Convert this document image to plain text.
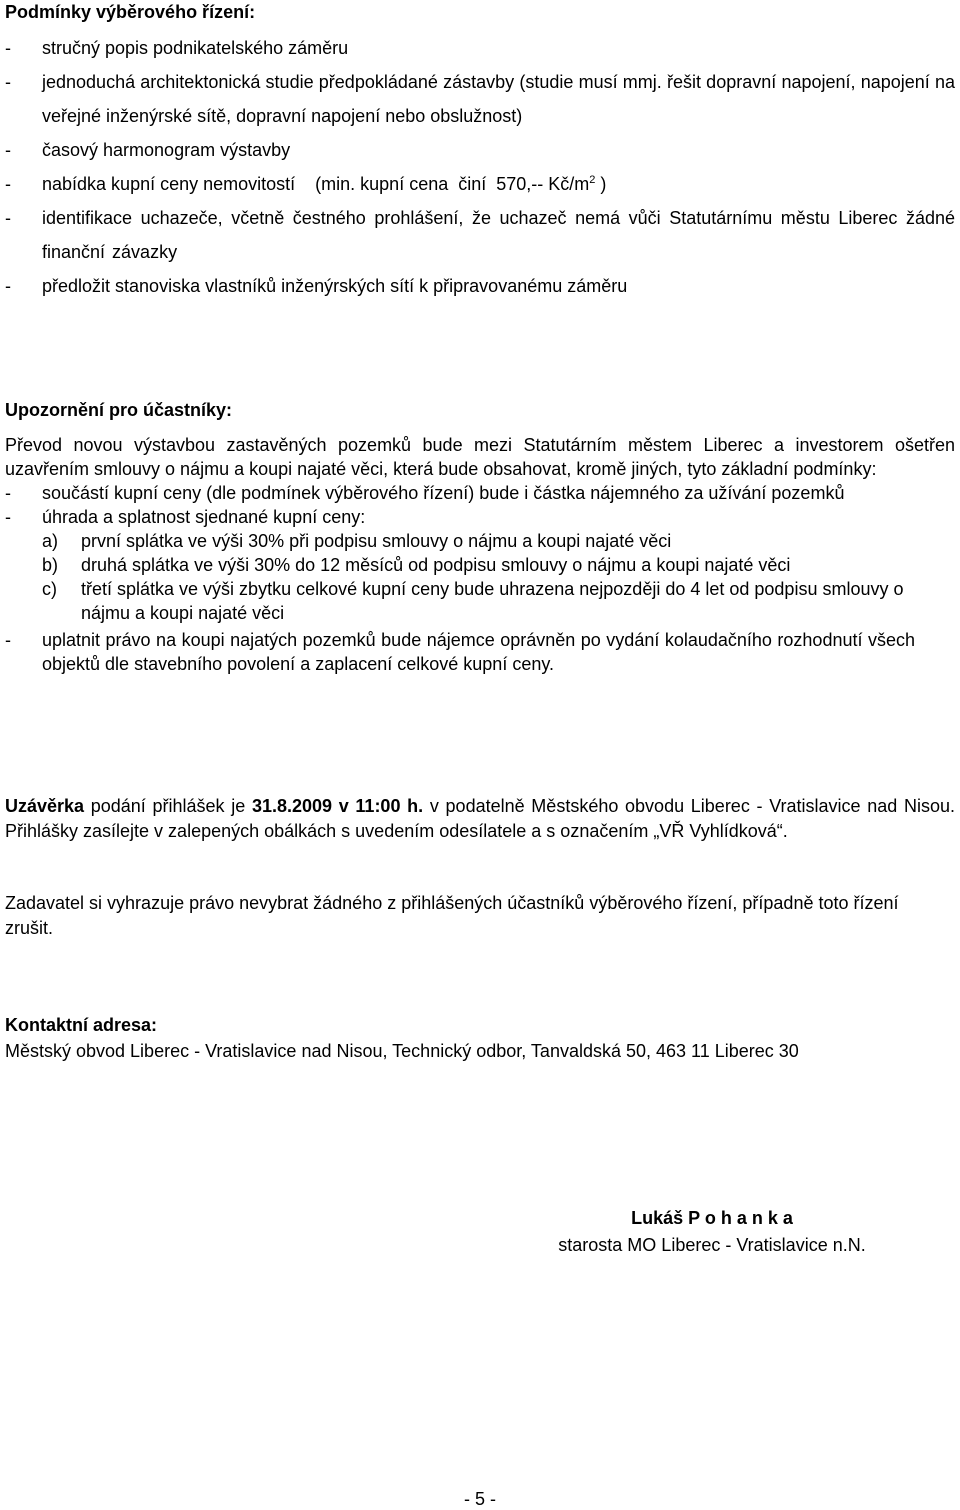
Podmínky výběrového řízení:
-	stručný popis podnikatelského záměru
-	jednoduchá architektonická studie předpokládané zástavby (studie musí mmj. řešit dopravní napojení, napojení na veřejné inženýrské sítě, dopravní napojení nebo obslužnost)
-	časový harmonogram výstavby
-	nabídka kupní ceny nemovitostí    (min. kupní cena  činí  570,-- $Kč/m^2$ )
-	identifikace uchazeče, včetně čestného prohlášení, že uchazeč nemá vůči Statutárnímu městu Liberec žádné finanční závazky
-	předložit stanoviska vlastníků inženýrských sítí k připravovanému záměru
Upozornění pro účastníky:

Převod novou výstavbou zastavěných pozemků bude mezi Statutárním městem Liberec a investorem ošetřen uzavřením smlouvy o nájmu a koupi najaté věci, která bude obsahovat, kromě jiných, tyto základní podmínky:

-	součástí kupní ceny (dle podmínek výběrového řízení) bude i částka nájemného za užívání pozemků
-	úhrada a splatnost sjednané kupní ceny:
a)	první splátka ve výši 30% při podpisu smlouvy o nájmu a koupi najaté věci
b)	druhá splátka ve výši 30% do 12 měsíců od podpisu smlouvy o nájmu a koupi najaté věci
c)	třetí splátka ve výši zbytku celkové kupní ceny bude uhrazena nejpozději do 4 let od podpisu smlouvy o nájmu a koupi najaté věci
- uplatnit právo na koupi najatých pozemků bude nájemce oprávněn po vydání kolaudačního rozhodnutí všech objektů dle stavebního povolení a zaplacení celkové kupní ceny.
Uzávěrka podání přihlášek je 31.8.2009 v 11:00 h. v podatelně Městského obvodu Liberec - Vratislavice nad Nisou. Přihlášky zasílejte v zalepených obálkách s uvedením odesílatele a s označením „VŘ Vyhlídková“.
Zadavatel si vyhrazuje právo nevybrat žádného z přihlášených účastníků výběrového řízení, případně toto řízení zrušit.
Kontaktní adresa:
Městský obvod Liberec - Vratislavice nad Nisou, Technický odbor, Tanvaldská 50, 463 11 Liberec 30
Lukáš P o h a n k a
starosta MO Liberec - Vratislavice n.N.
- 5 -
